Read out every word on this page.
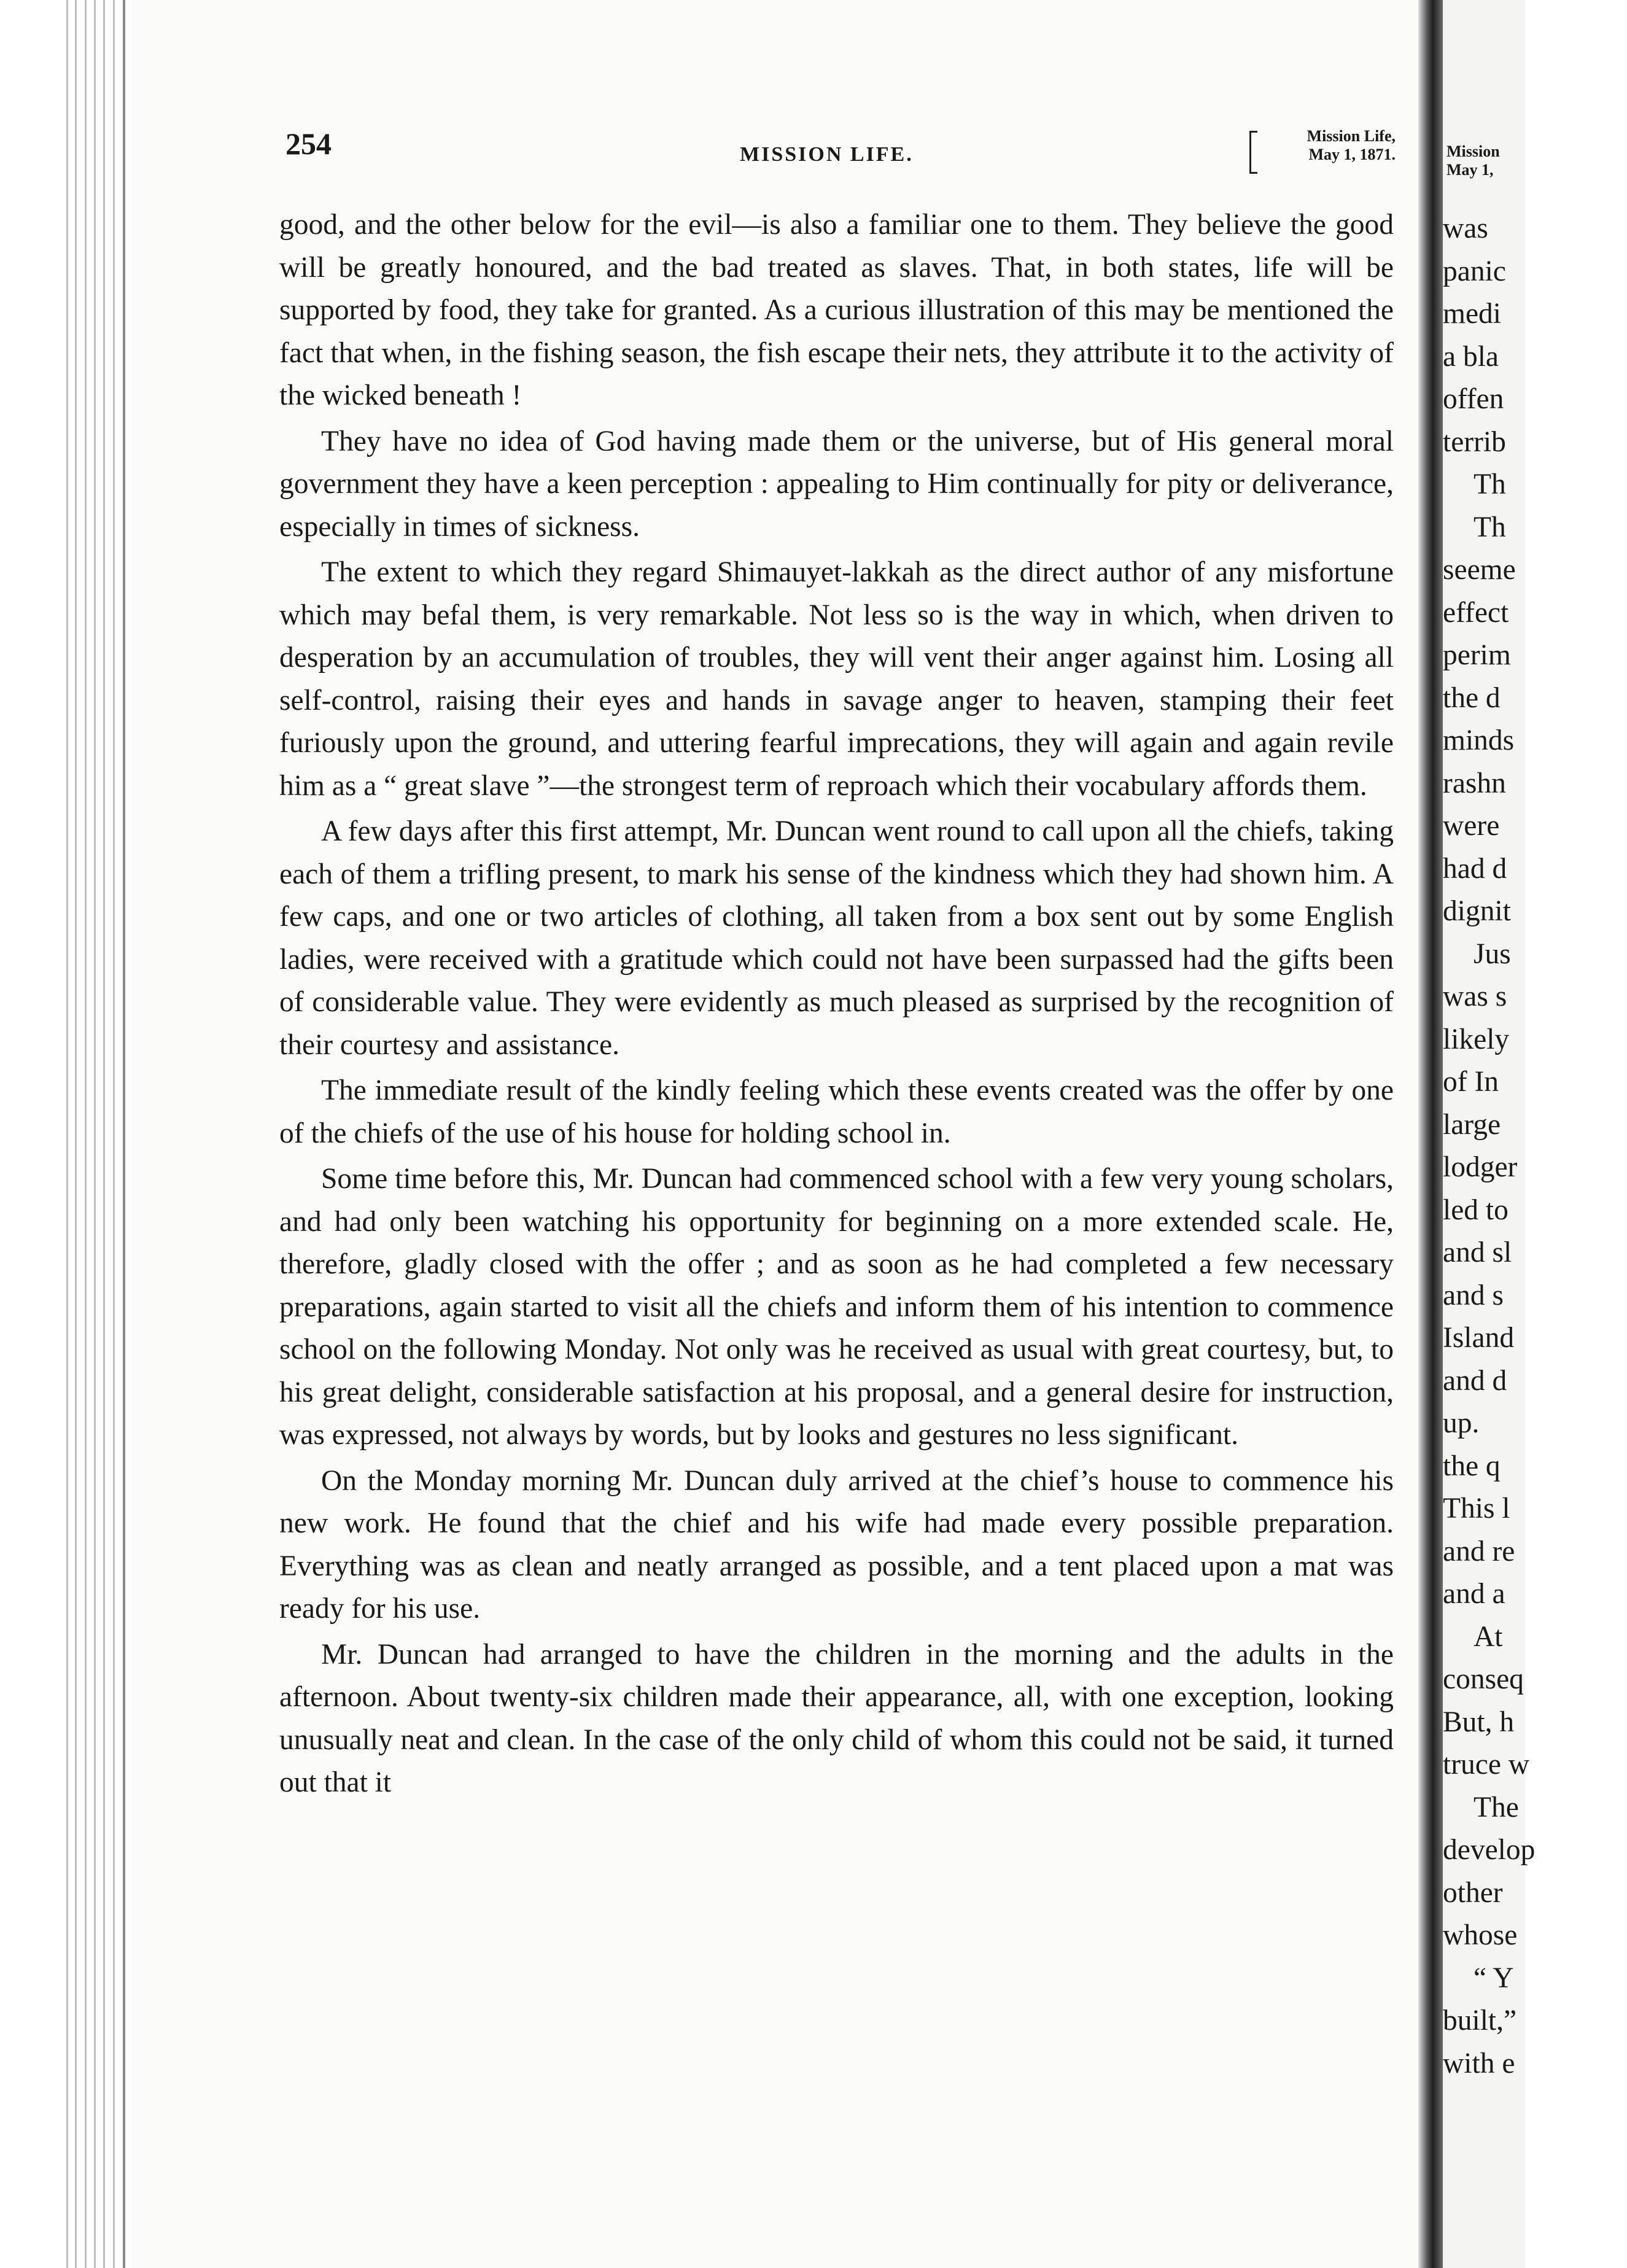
254	MISSION LIFE.
Mission Life,
May 1, 1871.

good, and the other below for the evil—is also a familiar one to them. They believe the good will be greatly honoured, and the bad treated as slaves. That, in both states, life will be supported by food, they take for granted. As a curious illustration of this may be mentioned the fact that when, in the fishing season, the fish escape their nets, they attribute it to the activity of the wicked beneath !

They have no idea of God having made them or the universe, but of His general moral government they have a keen perception : appealing to Him continually for pity or deliverance, especially in times of sickness.

The extent to which they regard Shimauyet-lakkah as the direct author of any misfortune which may befal them, is very remarkable. Not less so is the way in which, when driven to desperation by an accumulation of troubles, they will vent their anger against him. Losing all self-control, raising their eyes and hands in savage anger to heaven, stamping their feet furiously upon the ground, and uttering fearful imprecations, they will again and again revile him as a “ great slave ”—the strongest term of reproach which their vocabulary affords them.

A few days after this first attempt, Mr. Duncan went round to call upon all the chiefs, taking each of them a trifling present, to mark his sense of the kindness which they had shown him. A few caps, and one or two articles of clothing, all taken from a box sent out by some English ladies, were received with a gratitude which could not have been surpassed had the gifts been of considerable value. They were evidently as much pleased as surprised by the recognition of their courtesy and assistance.

The immediate result of the kindly feeling which these events created was the offer by one of the chiefs of the use of his house for holding school in.

Some time before this, Mr. Duncan had commenced school with a few very young scholars, and had only been watching his opportunity for beginning on a more extended scale. He, therefore, gladly closed with the offer ; and as soon as he had completed a few necessary preparations, again started to visit all the chiefs and inform them of his intention to commence school on the following Monday. Not only was he received as usual with great courtesy, but, to his great delight, considerable satisfaction at his proposal, and a general desire for instruction, was expressed, not always by words, but by looks and gestures no less significant.

On the Monday morning Mr. Duncan duly arrived at the chief’s house to commence his new work. He found that the chief and his wife had made every possible preparation. Everything was as clean and neatly arranged as possible, and a tent placed upon a mat was ready for his use.

Mr. Duncan had arranged to have the children in the morning and the adults in the afternoon. About twenty-six children made their appearance, all, with one exception, looking unusually neat and clean. In the case of the only child of whom this could not be said, it turned out that it

Mission
May 1,
was
panic
medi
a bla
offen
terrib
Th
Th
seeme
effect
perim
the d
minds
rashn
were
had d
dignit
Jus
was s
likely
of In
large
lodger
led to
and sl
and s
Island
and d
up.
the q
This l
and re
and a
At
conseq
But, h
truce w
The
develop
other
whose
“ Y
built,”
with e
